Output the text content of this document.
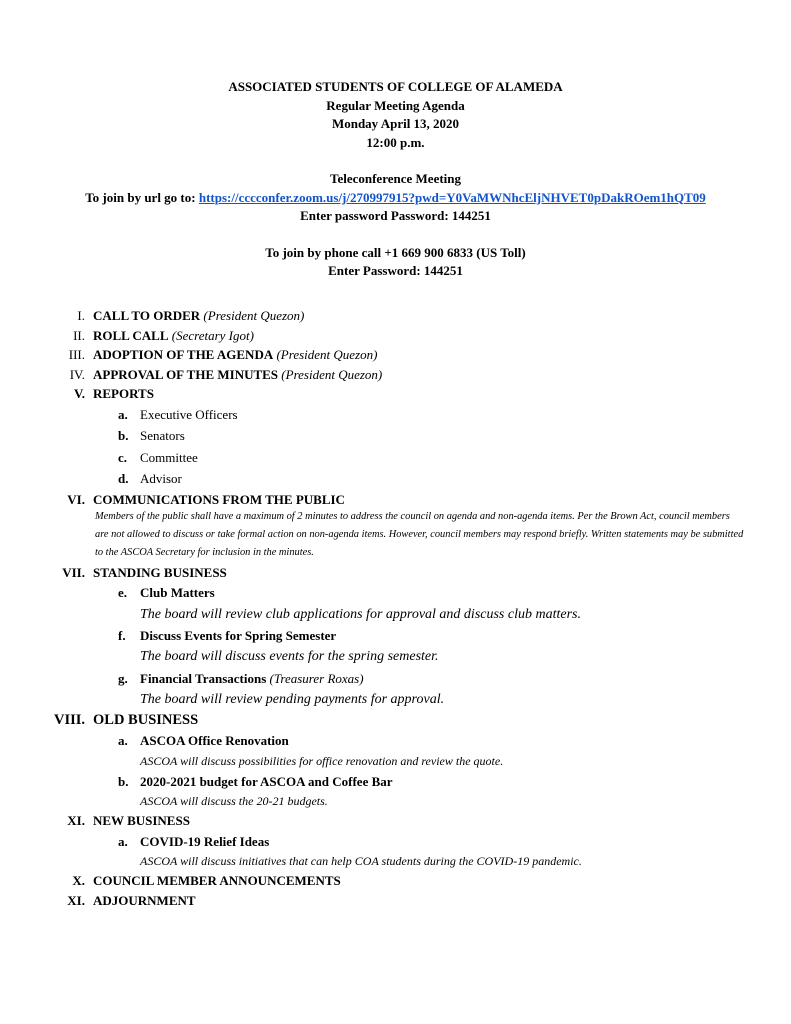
ASSOCIATED STUDENTS OF COLLEGE OF ALAMEDA
Regular Meeting Agenda
Monday April 13, 2020
12:00 p.m.
Teleconference Meeting
To join by url go to: https://cccconfer.zoom.us/j/270997915?pwd=Y0VaMWNhcEljNHVET0pDakROem1hQT09
Enter password Password: 144251
To join by phone call +1 669 900 6833 (US Toll)
Enter Password: 144251
I. CALL TO ORDER (President Quezon)
II. ROLL CALL (Secretary Igot)
III. ADOPTION OF THE AGENDA (President Quezon)
IV. APPROVAL OF THE MINUTES (President Quezon)
V. REPORTS
a. Executive Officers
b. Senators
c. Committee
d. Advisor
VI. COMMUNICATIONS FROM THE PUBLIC
Members of the public shall have a maximum of 2 minutes to address the council on agenda and non-agenda items. Per the Brown Act, council members are not allowed to discuss or take formal action on non-agenda items. However, council members may respond briefly. Written statements may be submitted to the ASCOA Secretary for inclusion in the minutes.
VII. STANDING BUSINESS
e. Club Matters
The board will review club applications for approval and discuss club matters.
f. Discuss Events for Spring Semester
The board will discuss events for the spring semester.
g. Financial Transactions (Treasurer Roxas)
The board will review pending payments for approval.
VIII. OLD BUSINESS
a. ASCOA Office Renovation
ASCOA will discuss possibilities for office renovation and review the quote.
b. 2020-2021 budget for ASCOA and Coffee Bar
ASCOA will discuss the 20-21 budgets.
XI. NEW BUSINESS
a. COVID-19 Relief Ideas
ASCOA will discuss initiatives that can help COA students during the COVID-19 pandemic.
X. COUNCIL MEMBER ANNOUNCEMENTS
XI. ADJOURNMENT
